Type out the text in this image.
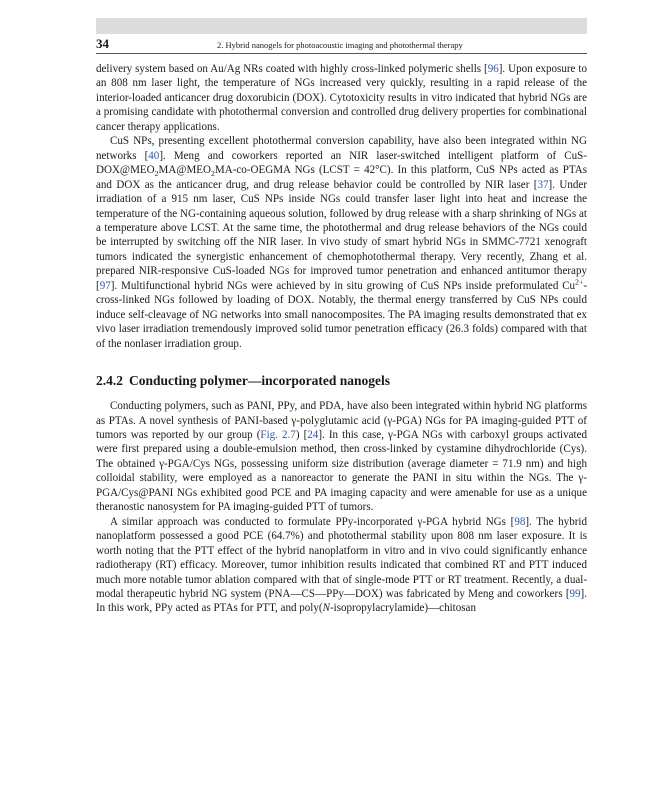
34	2. Hybrid nanogels for photoacoustic imaging and photothermal therapy

delivery system based on Au/Ag NRs coated with highly cross-linked polymeric shells [96]. Upon exposure to an 808 nm laser light, the temperature of NGs increased very quickly, resulting in a rapid release of the interior-loaded anticancer drug doxorubicin (DOX). Cytotoxicity results in vitro indicated that hybrid NGs are a promising candidate with photothermal conversion and controlled drug delivery properties for combinational cancer therapy applications.

CuS NPs, presenting excellent photothermal conversion capability, have also been integrated within NG networks [40]. Meng and coworkers reported an NIR laser-switched intelligent platform of CuS-$DOX@MEO_2MA@MEO_2MA-co$-OEGMA NGs (LCST = 42°C). In this platform, CuS NPs acted as PTAs and DOX as the anticancer drug, and drug release behavior could be controlled by NIR laser [37]. Under irradiation of a 915 nm laser, CuS NPs inside NGs could transfer laser light into heat and increase the temperature of the NG-containing aqueous solution, followed by drug release with a sharp shrinking of NGs at a temperature above LCST. At the same time, the photothermal and drug release behaviors of the NGs could be interrupted by switching off the NIR laser. In vivo study of smart hybrid NGs in SMMC-7721 xenograft tumors indicated the synergistic enhancement of chemophotothermal therapy. Very recently, Zhang et al. prepared NIR-responsive CuS-loaded NGs for improved tumor penetration and enhanced antitumor therapy [97]. Multifunctional hybrid NGs were achieved by in situ growing of CuS NPs inside preformulated $Cu^{2+}-cross$-linked NGs followed by loading of DOX. Notably, the thermal energy transferred by CuS NPs could induce self-cleavage of NG networks into small nanocomposites. The PA imaging results demonstrated that ex vivo laser irradiation tremendously improved solid tumor penetration efficacy (26.3 folds) compared with that of the nonlaser irradiation group.

2.4.2 Conducting polymer—incorporated nanogels

Conducting polymers, such as PANI, PPy, and PDA, have also been integrated within hybrid NG platforms as PTAs. A novel synthesis of PANI-based γ-polyglutamic acid (γ-PGA) NGs for PA imaging-guided PTT of tumors was reported by our group (Fig. 2.7) [24]. In this case, γ-PGA NGs with carboxyl groups activated were first prepared using a double-emulsion method, then cross-linked by cystamine dihydrochloride (Cys). The obtained γ-PGA/Cys NGs, possessing uniform size distribution (average diameter = 71.9 nm) and high colloidal stability, were employed as a nanoreactor to generate the PANI in situ within the NGs. The γ-PGA/Cys@PANI NGs exhibited good PCE and PA imaging capacity and were amenable for use as a unique theranostic nanosystem for PA imaging-guided PTT of tumors.

A similar approach was conducted to formulate PPy-incorporated γ-PGA hybrid NGs [98]. The hybrid nanoplatform possessed a good PCE (64.7%) and photothermal stability upon 808 nm laser exposure. It is worth noting that the PTT effect of the hybrid nanoplatform in vitro and in vivo could significantly enhance radiotherapy (RT) efficacy. Moreover, tumor inhibition results indicated that combined RT and PTT induced much more notable tumor ablation compared with that of single-mode PTT or RT treatment. Recently, a dual-modal therapeutic hybrid NG system (PNA—CS—PPy—DOX) was fabricated by Meng and coworkers [99]. In this work, PPy acted as PTAs for PTT, and poly(N-isopropylacrylamide)—chitosan
